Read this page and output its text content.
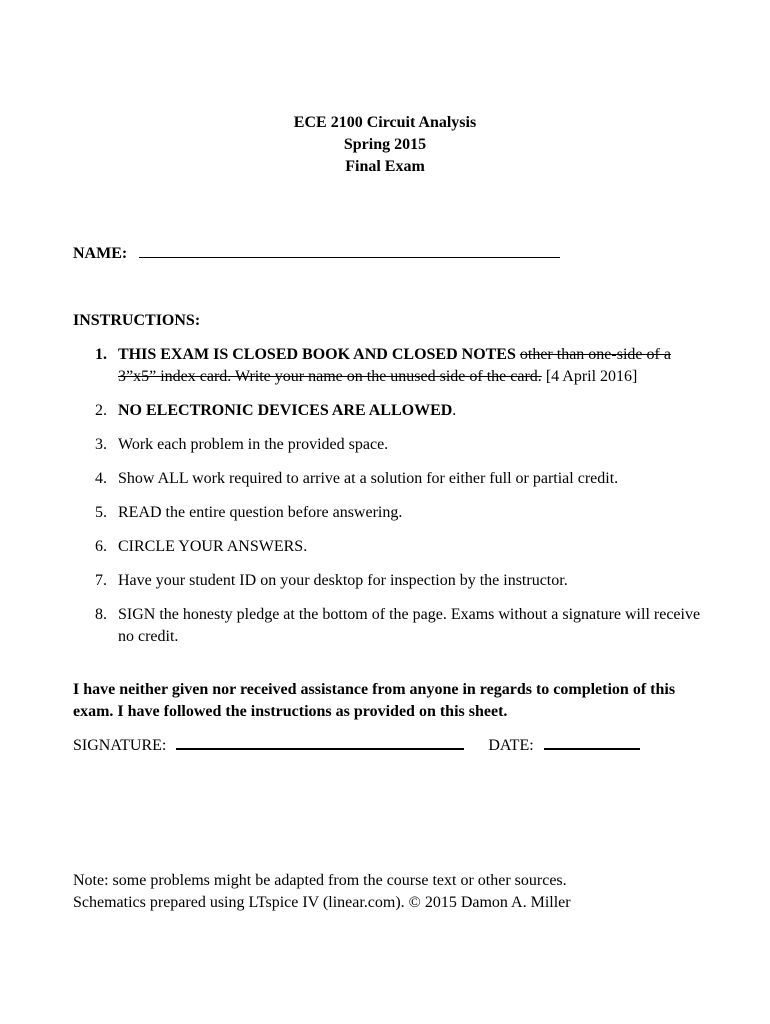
ECE 2100 Circuit Analysis
Spring 2015
Final Exam
NAME:
INSTRUCTIONS:
1. THIS EXAM IS CLOSED BOOK AND CLOSED NOTES other than one-side of a 3”x5” index card. Write your name on the unused side of the card. [4 April 2016]
2. NO ELECTRONIC DEVICES ARE ALLOWED.
3. Work each problem in the provided space.
4. Show ALL work required to arrive at a solution for either full or partial credit.
5. READ the entire question before answering.
6. CIRCLE YOUR ANSWERS.
7. Have your student ID on your desktop for inspection by the instructor.
8. SIGN the honesty pledge at the bottom of the page. Exams without a signature will receive no credit.
I have neither given nor received assistance from anyone in regards to completion of this exam. I have followed the instructions as provided on this sheet.
SIGNATURE:	DATE:
Note: some problems might be adapted from the course text or other sources.
Schematics prepared using LTspice IV (linear.com). © 2015 Damon A. Miller
